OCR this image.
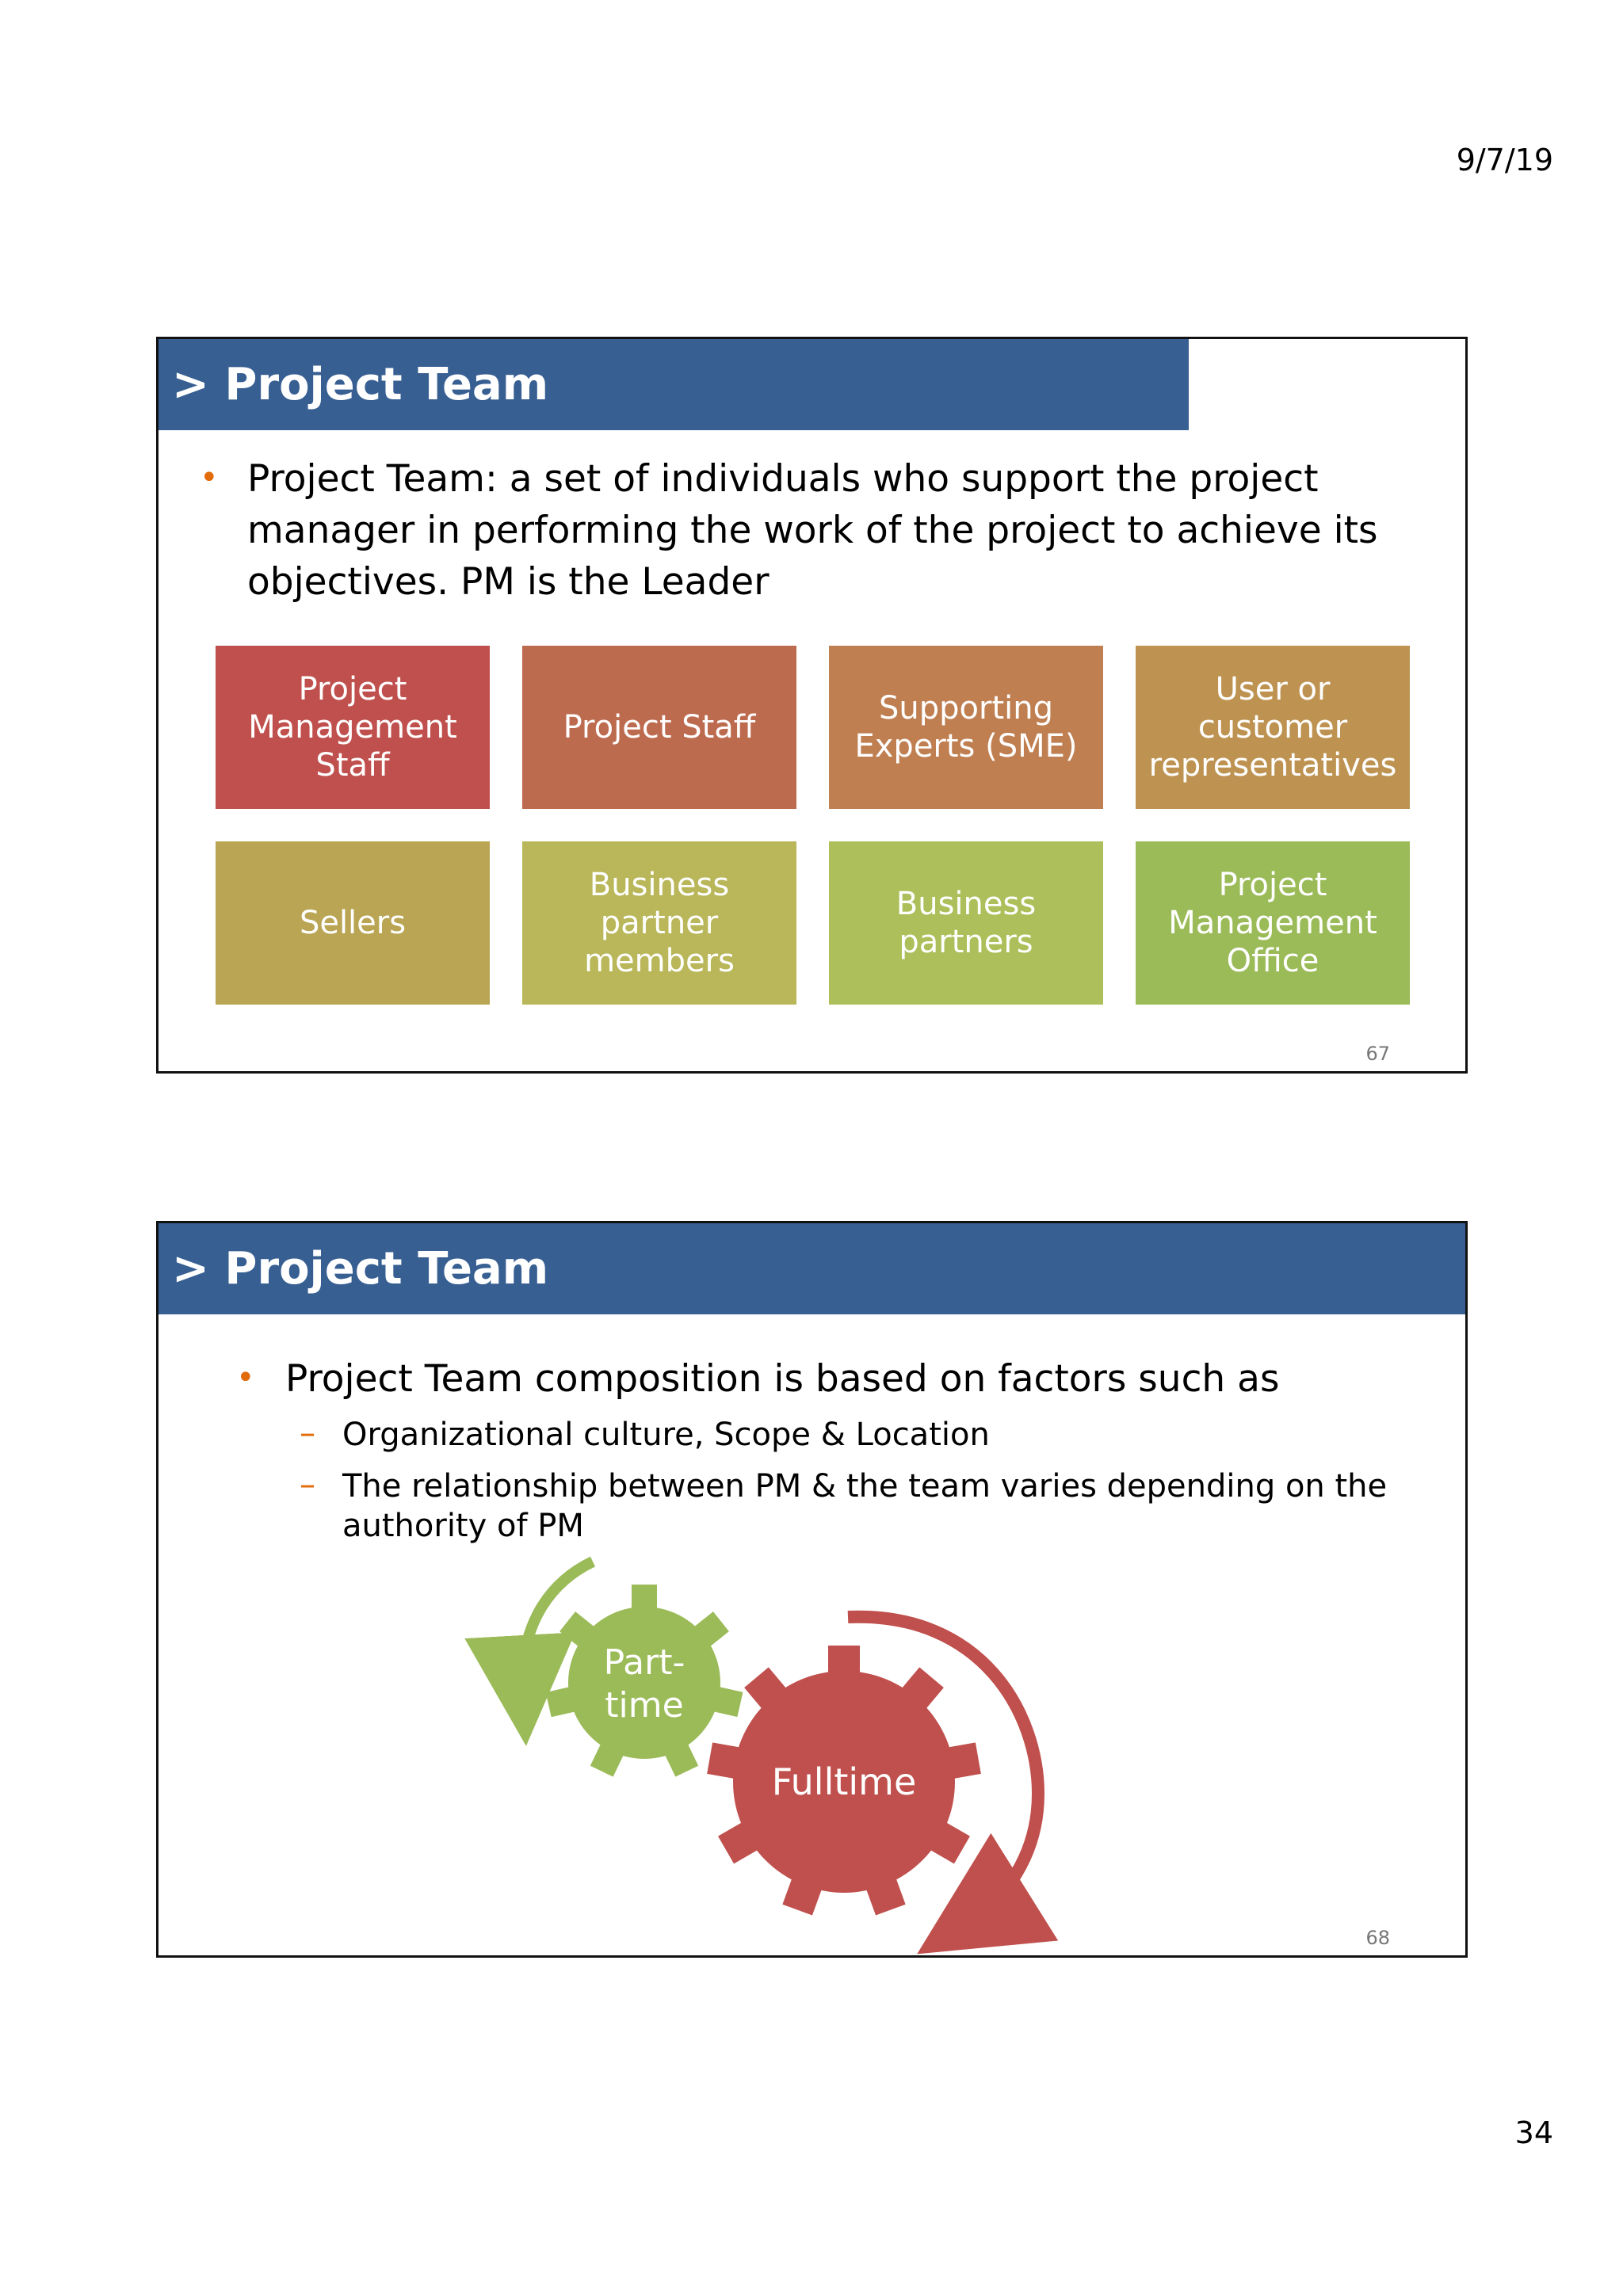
9/7/19
> Project Team
• Project Team: a set of individuals who support the project manager in performing the work of the project to achieve its objectives. PM is the Leader
Project Management Staff
Project Staff
Supporting Experts (SME)
User or customer representatives
Sellers
Business partner members
Business partners
Project Management Office
67
> Project Team
• Project Team composition is based on factors such as
– Organizational culture, Scope & Location
– The relationship between PM & the team varies depending on the authority of PM
Part-
time
Fulltime
68
34
